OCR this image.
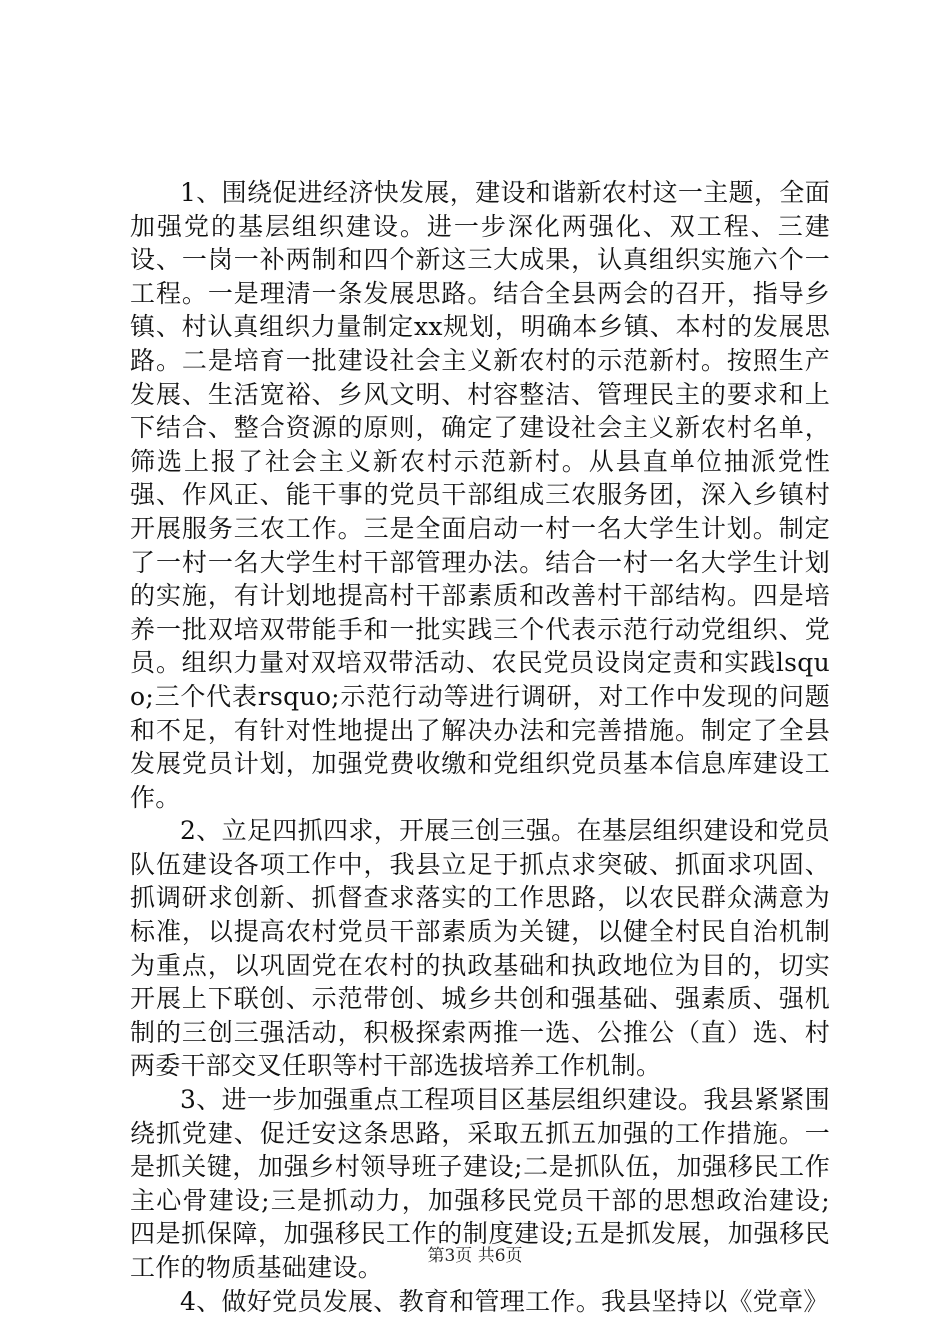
1、围绕促进经济快发展，建设和谐新农村这一主题，全面加强党的基层组织建设。进一步深化两强化、双工程、三建设、一岗一补两制和四个新这三大成果，认真组织实施六个一工程。一是理清一条发展思路。结合全县两会的召开，指导乡镇、村认真组织力量制定xx规划，明确本乡镇、本村的发展思路。二是培育一批建设社会主义新农村的示范新村。按照生产发展、生活宽裕、乡风文明、村容整洁、管理民主的要求和上下结合、整合资源的原则，确定了建设社会主义新农村名单，筛选上报了社会主义新农村示范新村。从县直单位抽派党性强、作风正、能干事的党员干部组成三农服务团，深入乡镇村开展服务三农工作。三是全面启动一村一名大学生计划。制定了一村一名大学生村干部管理办法。结合一村一名大学生计划的实施，有计划地提高村干部素质和改善村干部结构。四是培养一批双培双带能手和一批实践三个代表示范行动党组织、党员。组织力量对双培双带活动、农民党员设岗定责和实践lsquo;三个代表rsquo;示范行动等进行调研，对工作中发现的问题和不足，有针对性地提出了解决办法和完善措施。制定了全县发展党员计划，加强党费收缴和党组织党员基本信息库建设工作。

2、立足四抓四求，开展三创三强。在基层组织建设和党员队伍建设各项工作中，我县立足于抓点求突破、抓面求巩固、抓调研求创新、抓督查求落实的工作思路，以农民群众满意为标准，以提高农村党员干部素质为关键，以健全村民自治机制为重点，以巩固党在农村的执政基础和执政地位为目的，切实开展上下联创、示范带创、城乡共创和强基础、强素质、强机制的三创三强活动，积极探索两推一选、公推公（直）选、村两委干部交叉任职等村干部选拔培养工作机制。

3、进一步加强重点工程项目区基层组织建设。我县紧紧围绕抓党建、促迁安这条思路，采取五抓五加强的工作措施。一是抓关键，加强乡村领导班子建设;二是抓队伍，加强移民工作主心骨建设;三是抓动力，加强移民党员干部的思想政治建设;四是抓保障，加强移民工作的制度建设;五是抓发展，加强移民工作的物质基础建设。

4、做好党员发展、教育和管理工作。我县坚持以《党章》

第3页 共6页
